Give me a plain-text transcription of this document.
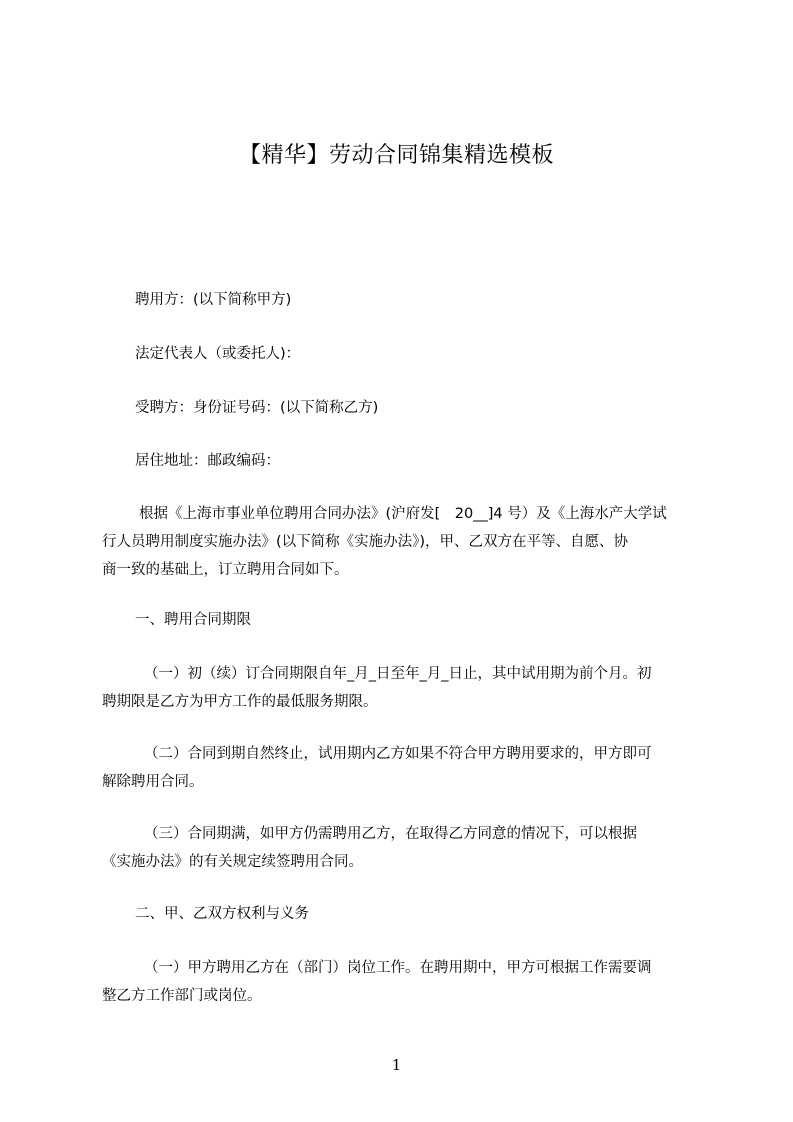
【精华】劳动合同锦集精选模板
聘用方：(以下简称甲方)
法定代表人（或委托人)：
受聘方：身份证号码：(以下简称乙方)
居住地址：邮政编码：
根据《上海市事业单位聘用合同办法》(沪府发[　20__]4 号）及《上海水产大学试
行人员聘用制度实施办法》(以下简称《实施办法》)，甲、乙双方在平等、自愿、协
商一致的基础上，订立聘用合同如下。
一、聘用合同期限
（一）初（续）订合同期限自年_月_日至年_月_日止，其中试用期为前个月。初
聘期限是乙方为甲方工作的最低服务期限。
（二）合同到期自然终止，试用期内乙方如果不符合甲方聘用要求的，甲方即可
解除聘用合同。
（三）合同期满，如甲方仍需聘用乙方，在取得乙方同意的情况下，可以根据
《实施办法》的有关规定续签聘用合同。
二、甲、乙双方权利与义务
（一）甲方聘用乙方在（部门）岗位工作。在聘用期中，甲方可根据工作需要调
整乙方工作部门或岗位。
1
